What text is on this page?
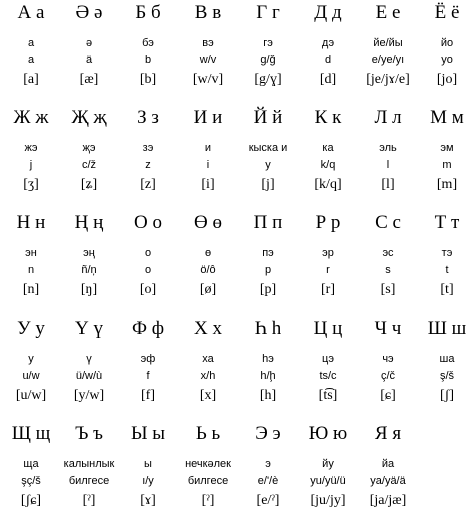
А а
а
a
[a]
Ә ә
ә
ä
[æ]
Б б
бэ
b
[b]
В в
вэ
w/v
[w/v]
Г г
гэ
g/ğ
[g/ɣ]
Д д
дэ
d
[d]
Е е
йе/йы
e/ye/yı
[je/jɤ/e]
Ё ё
йо
yo
[jo]
Ж ж
жэ
j
[ʒ]
Җ җ
җэ
c/ž
[ʑ]
З з
зэ
z
[z]
И и
и
i
[i]
Й й
кыска и
y
[j]
К к
ка
k/q
[k/q]
Л л
эль
l
[l]
М м
эм
m
[m]
Н н
эн
n
[n]
Ң ң
эң
ñ/ņ
[ŋ]
О о
о
o
[o]
Ө ө
ө
ö/ô
[ø]
П п
пэ
p
[p]
Р р
эр
r
[r]
С с
эс
s
[s]
Т т
тэ
t
[t]
У у
у
u/w
[u/w]
Ү ү
ү
ü/w/ù
[y/w]
Ф ф
эф
f
[f]
Х х
ха
x/h
[x]
Һ һ
һэ
h/ḩ
[h]
Ц ц
цэ
ts/c
[t͡s]
Ч ч
чэ
ç/č
[ɕ]
Ш ш
ша
ş/š
[ʃ]
Щ щ
ща
şç/š
[ʃɕ]
Ъ ъ
калынлык
билгесе
[ˀ]
Ы ы
ы
ı/y
[ɤ]
Ь ь
нечкәлек
билгесе
[ˀ]
Э э
э
e/'/è
[e/ˀ]
Ю ю
йу
yu/yü/ü
[ju/jy]
Я я
йа
ya/yä/ä
[ja/jæ]
